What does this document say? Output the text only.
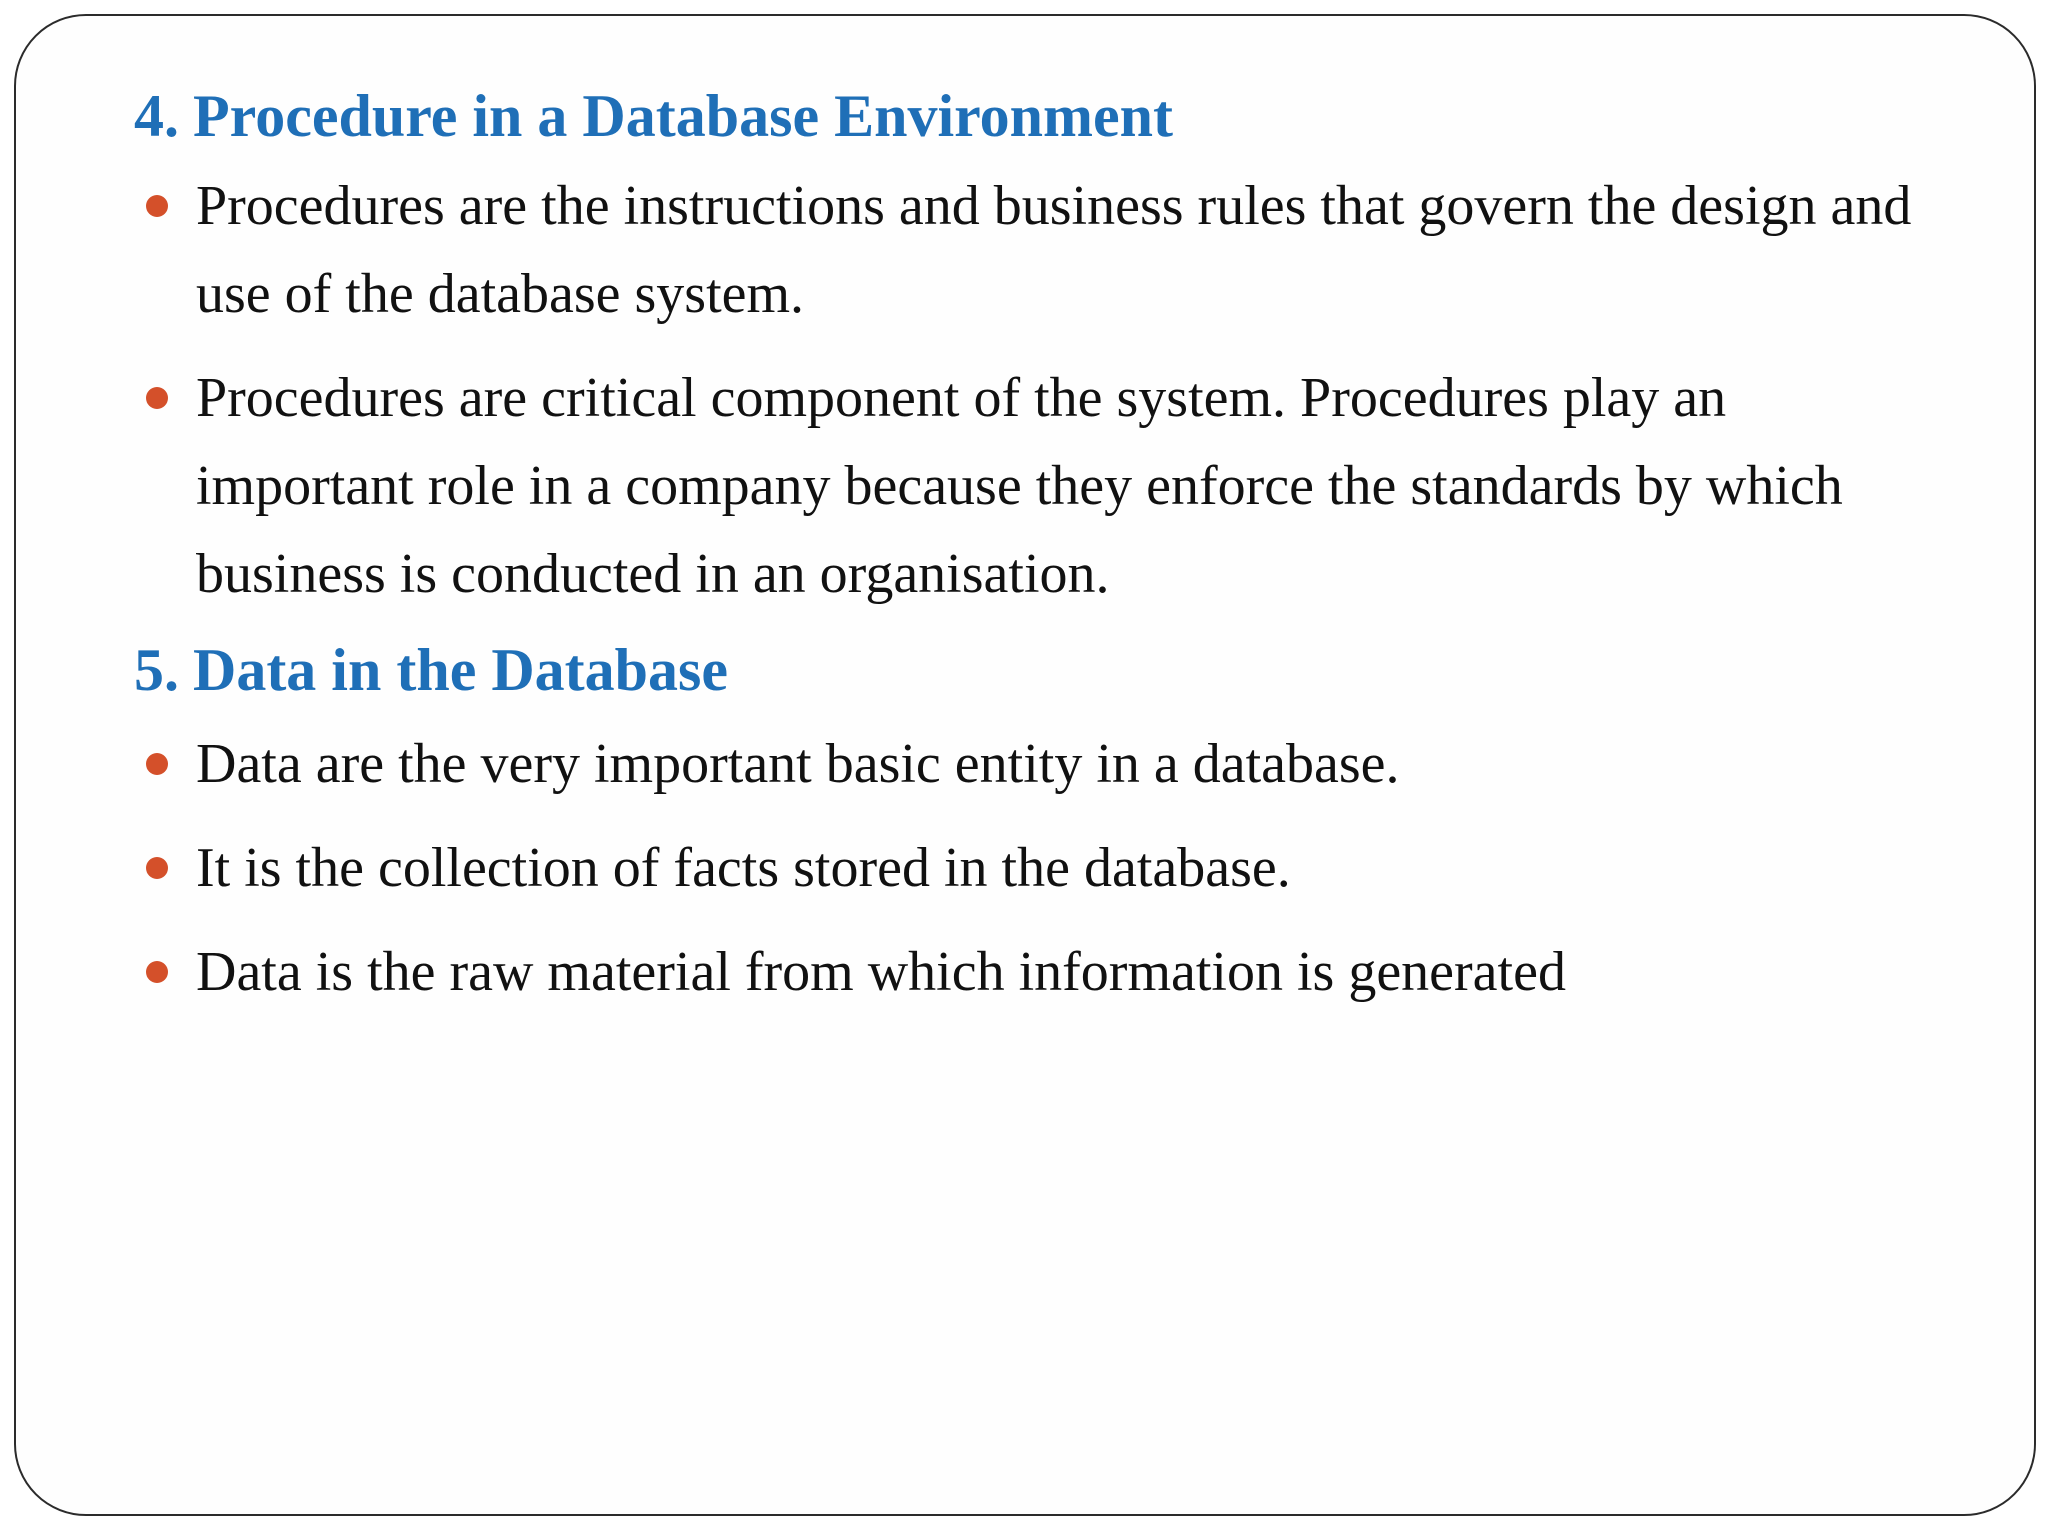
4. Procedure in a Database Environment
Procedures are the instructions and business rules that govern the design and use of the database system.
Procedures are critical component of the system. Procedures play an important role in a company because they enforce the standards by which business is conducted in an organisation.
5. Data in the Database
Data are the very important basic entity in a database.
It is the collection of facts stored in the database.
Data is the raw material from which information is generated
